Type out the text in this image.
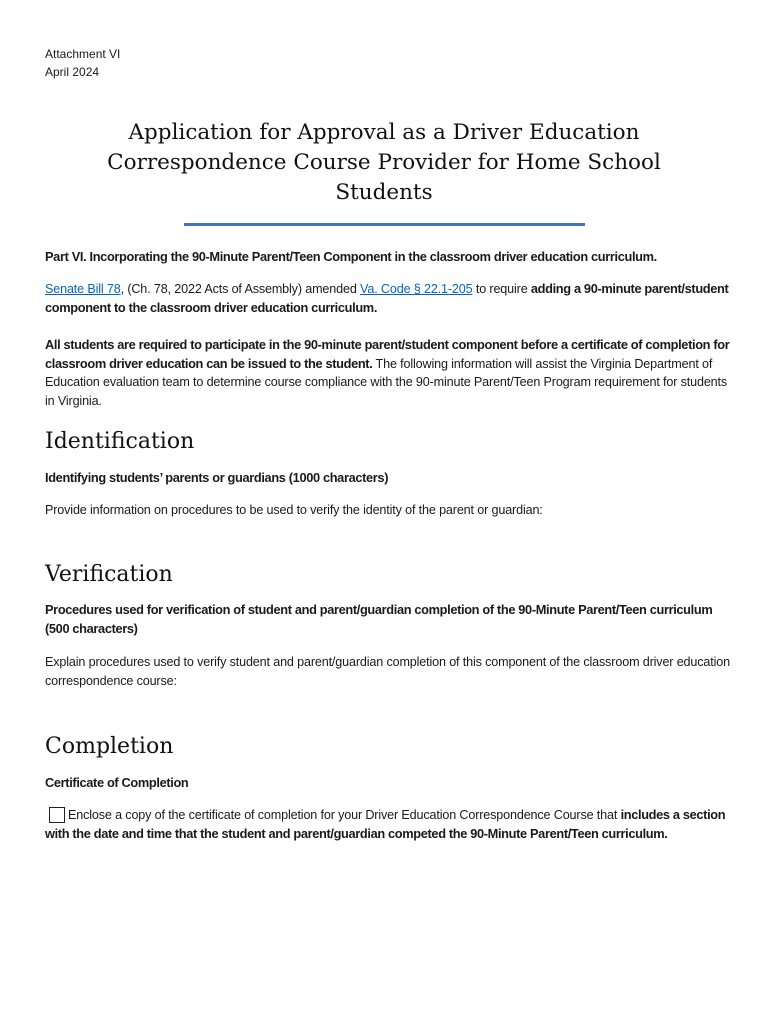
Attachment VI
April 2024
Application for Approval as a Driver Education Correspondence Course Provider for Home School Students
Part VI. Incorporating the 90-Minute Parent/Teen Component in the classroom driver education curriculum.
Senate Bill 78, (Ch. 78, 2022 Acts of Assembly) amended Va. Code § 22.1-205 to require adding a 90-minute parent/student component to the classroom driver education curriculum.
All students are required to participate in the 90-minute parent/student component before a certificate of completion for classroom driver education can be issued to the student. The following information will assist the Virginia Department of Education evaluation team to determine course compliance with the 90-minute Parent/Teen Program requirement for students in Virginia.
Identification
Identifying students’ parents or guardians (1000 characters)
Provide information on procedures to be used to verify the identity of the parent or guardian:
Verification
Procedures used for verification of student and parent/guardian completion of the 90-Minute Parent/Teen curriculum (500 characters)
Explain procedures used to verify student and parent/guardian completion of this component of the classroom driver education correspondence course:
Completion
Certificate of Completion
Enclose a copy of the certificate of completion for your Driver Education Correspondence Course that includes a section with the date and time that the student and parent/guardian competed the 90-Minute Parent/Teen curriculum.
